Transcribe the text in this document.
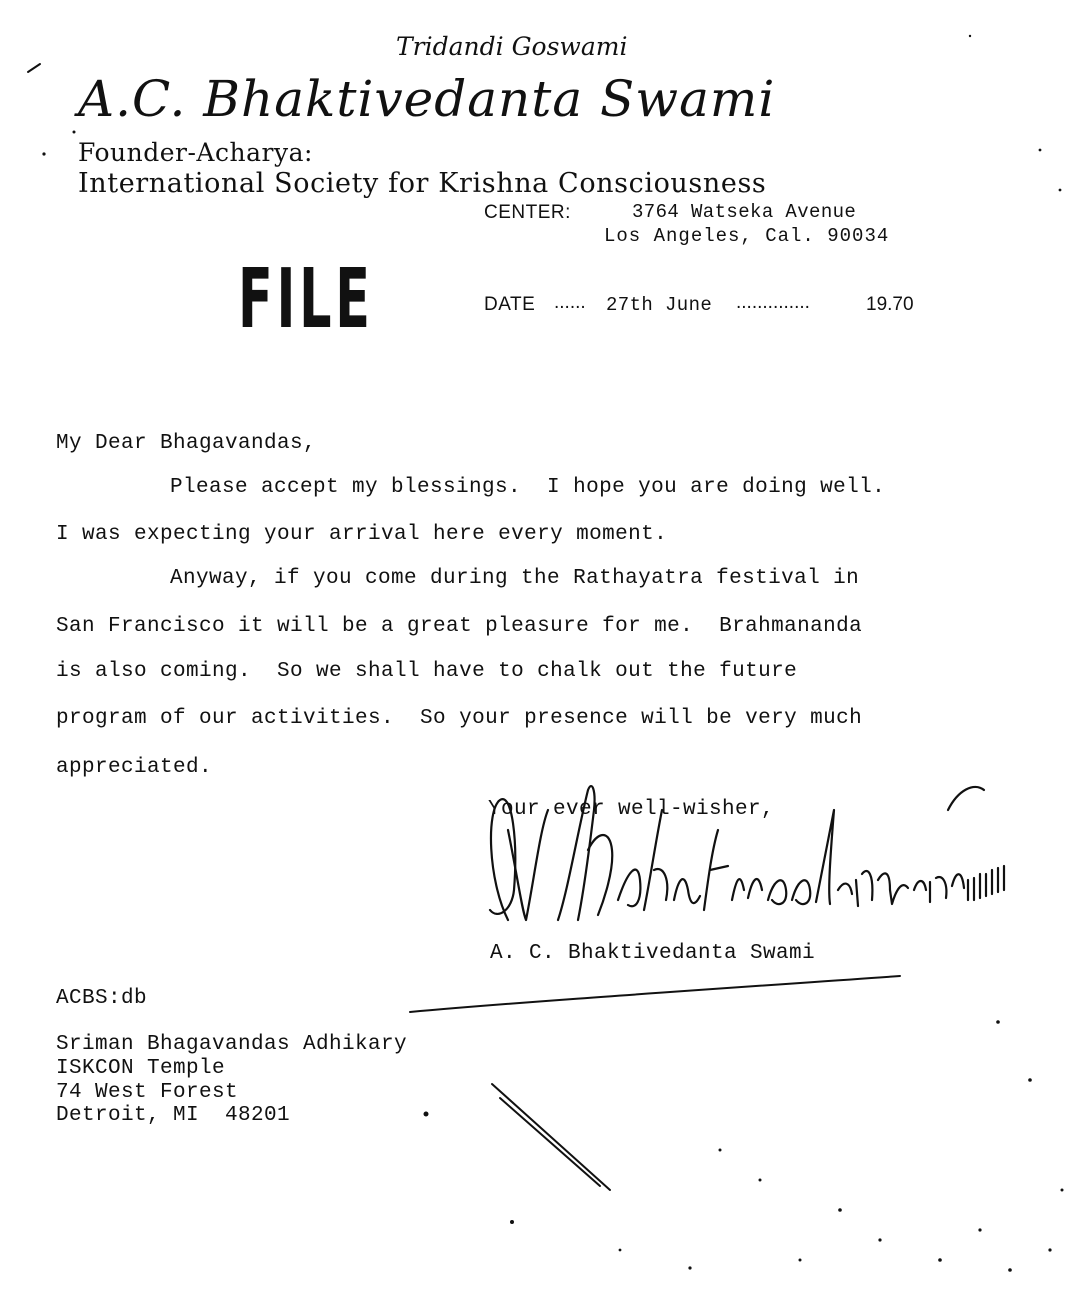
Tridandi Goswami
A.C. Bhaktivedanta Swami
Founder-Acharya:
International Society for Krishna Consciousness
CENTER:	3764 Watseka Avenue
Los Angeles, Cal. 90034
FILE	DATE ...... 27th June ..............	19.70
My Dear Bhagavandas,
Please accept my blessings.  I hope you are doing well.
I was expecting your arrival here every moment.
Anyway, if you come during the Rathayatra festival in
San Francisco it will be a great pleasure for me.  Brahmananda
is also coming.  So we shall have to chalk out the future
program of our activities.  So your presence will be very much
appreciated.
Your ever well-wisher,
A. C. Bhaktivedanta Swami
ACBS:db
Sriman Bhagavandas Adhikary
ISKCON Temple
74 West Forest
Detroit, MI  48201
